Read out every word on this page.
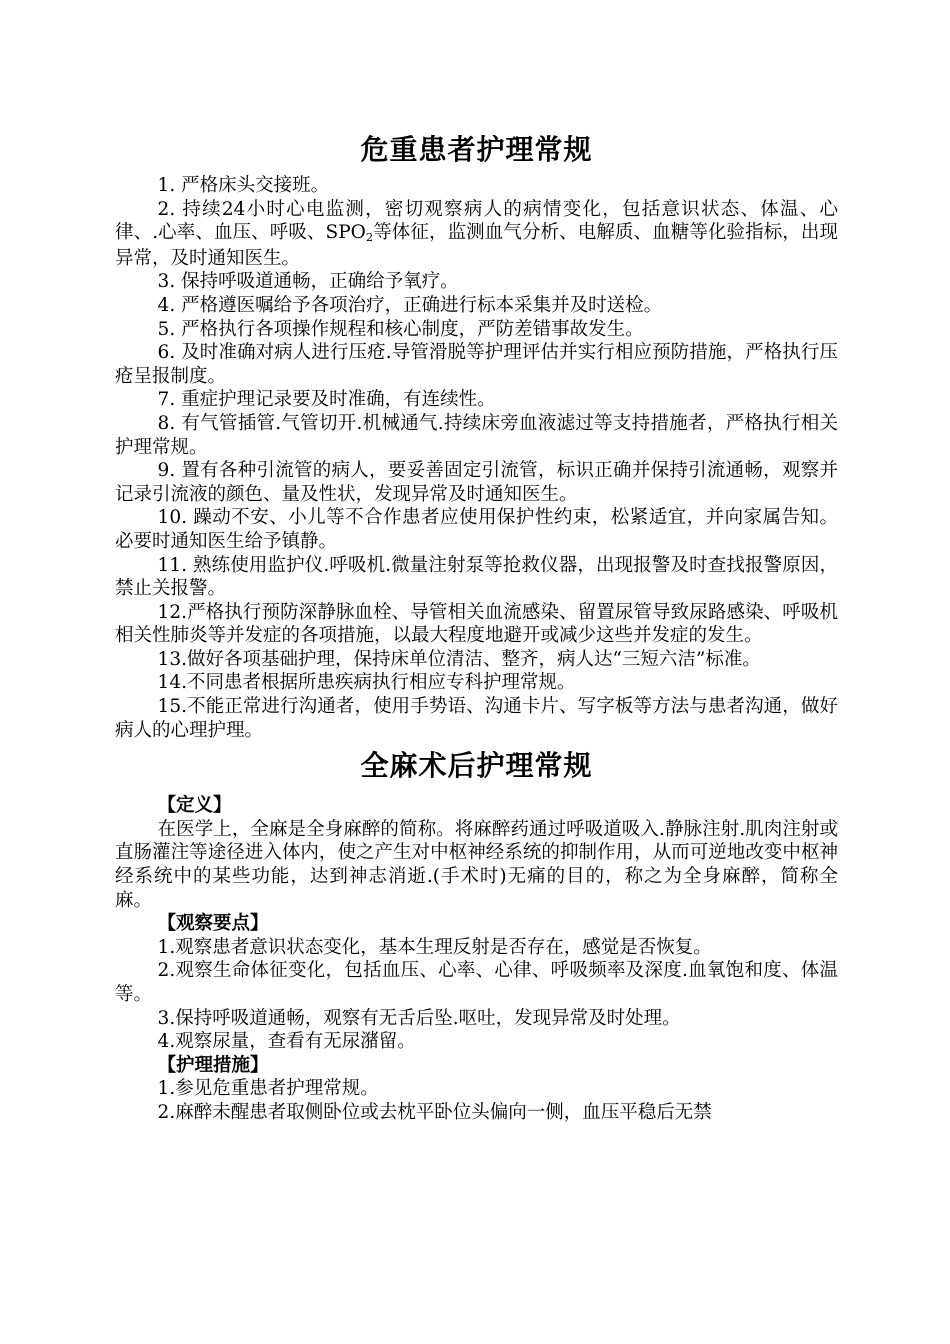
危重患者护理常规

1. 严格床头交接班。

2. 持续24小时心电监测，密切观察病人的病情变化，包括意识状态、体温、心律、.心率、血压、呼吸、SPO2等体征，监测血气分析、电解质、血糖等化验指标，出现异常，及时通知医生。

3. 保持呼吸道通畅，正确给予氧疗。

4. 严格遵医嘱给予各项治疗，正确进行标本采集并及时送检。

5. 严格执行各项操作规程和核心制度，严防差错事故发生。

6. 及时准确对病人进行压疮.导管滑脱等护理评估并实行相应预防措施，严格执行压疮呈报制度。

7. 重症护理记录要及时准确，有连续性。

8. 有气管插管.气管切开.机械通气.持续床旁血液滤过等支持措施者，严格执行相关护理常规。

9. 置有各种引流管的病人，要妥善固定引流管，标识正确并保持引流通畅，观察并记录引流液的颜色、量及性状，发现异常及时通知医生。

10. 躁动不安、小儿等不合作患者应使用保护性约束，松紧适宜，并向家属告知。必要时通知医生给予镇静。

11. 熟练使用监护仪.呼吸机.微量注射泵等抢救仪器，出现报警及时查找报警原因，禁止关报警。

12.严格执行预防深静脉血栓、导管相关血流感染、留置尿管导致尿路感染、呼吸机相关性肺炎等并发症的各项措施，以最大程度地避开或减少这些并发症的发生。

13.做好各项基础护理，保持床单位清洁、整齐，病人达“三短六洁”标准。

14.不同患者根据所患疾病执行相应专科护理常规。

15.不能正常进行沟通者，使用手势语、沟通卡片、写字板等方法与患者沟通，做好病人的心理护理。

全麻术后护理常规

【定义】

在医学上，全麻是全身麻醉的简称。将麻醉药通过呼吸道吸入.静脉注射.肌肉注射或直肠灌注等途径进入体内，使之产生对中枢神经系统的抑制作用，从而可逆地改变中枢神经系统中的某些功能，达到神志消逝.(手术时)无痛的目的，称之为全身麻醉，简称全麻。

【观察要点】

1.观察患者意识状态变化，基本生理反射是否存在，感觉是否恢复。

2.观察生命体征变化，包括血压、心率、心律、呼吸频率及深度.血氧饱和度、体温等。

3.保持呼吸道通畅，观察有无舌后坠.呕吐，发现异常及时处理。

4.观察尿量，查看有无尿潴留。

【护理措施】

1.参见危重患者护理常规。

2.麻醉未醒患者取侧卧位或去枕平卧位头偏向一侧，血压平稳后无禁
